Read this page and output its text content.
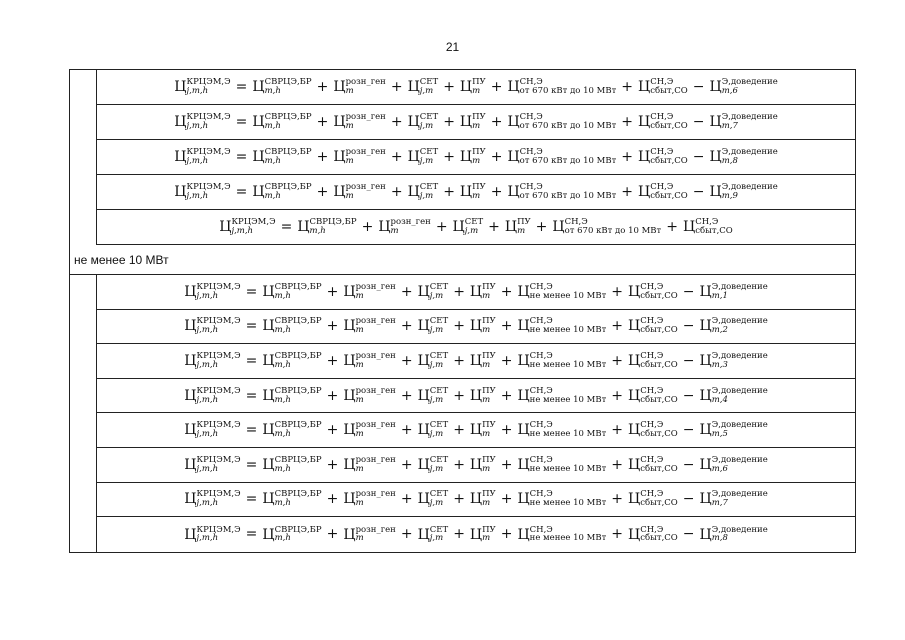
21
Ц КРЦЭМ,Э
j,m,h	= Ц СВРЦЭ,БР
m,h	+ Ц розн_ген
m	+ Ц СЕТ
j,m + Ц ПУ
m + Ц СН,Э
от 670 кВт до 10 МВт + Ц СН,Э
сбыт,СО − Ц Э,доведение
m,6
Ц КРЦЭМ,Э
j,m,h	= Ц СВРЦЭ,БР
m,h	+ Ц розн_ген
m	+ Ц СЕТ
j,m + Ц ПУ
m + Ц СН,Э
от 670 кВт до 10 МВт + Ц СН,Э
сбыт,СО − Ц Э,доведение
m,7
Ц КРЦЭМ,Э
j,m,h	= Ц СВРЦЭ,БР
m,h	+ Ц розн_ген
m	+ Ц СЕТ
j,m + Ц ПУ
m + Ц СН,Э
от 670 кВт до 10 МВт + Ц СН,Э
сбыт,СО − Ц Э,доведение
m,8
Ц КРЦЭМ,Э
j,m,h	= Ц СВРЦЭ,БР
m,h	+ Ц розн_ген
m	+ Ц СЕТ
j,m + Ц ПУ
m + Ц СН,Э
от 670 кВт до 10 МВт + Ц СН,Э
сбыт,СО − Ц Э,доведение
m,9
Ц КРЦЭМ,Э
j,m,h	= Ц СВРЦЭ,БР
m,h	+ Ц розн_ген
m	+ Ц СЕТ
j,m + Ц ПУ
m + Ц СН,Э
от 670 кВт до 10 МВт + Ц СН,Э
сбыт,СО
не менее 10 МВт
Ц КРЦЭМ,Э
j,m,h	= Ц СВРЦЭ,БР
m,h	+ Ц розн_ген
m	+ Ц СЕТ
j,m + Ц ПУ
m + Ц СН,Э
не менее 10 МВт + Ц СН,Э
сбыт,СО − Ц Э,доведение
m,1
Ц КРЦЭМ,Э
j,m,h	= Ц СВРЦЭ,БР
m,h	+ Ц розн_ген
m	+ Ц СЕТ
j,m + Ц ПУ
m + Ц СН,Э
не менее 10 МВт + Ц СН,Э
сбыт,СО − Ц Э,доведение
m,2
Ц КРЦЭМ,Э
j,m,h	= Ц СВРЦЭ,БР
m,h	+ Ц розн_ген
m	+ Ц СЕТ
j,m + Ц ПУ
m + Ц СН,Э
не менее 10 МВт + Ц СН,Э
сбыт,СО − Ц Э,доведение
m,3
Ц КРЦЭМ,Э
j,m,h	= Ц СВРЦЭ,БР
m,h	+ Ц розн_ген
m	+ Ц СЕТ
j,m + Ц ПУ
m + Ц СН,Э
не менее 10 МВт + Ц СН,Э
сбыт,СО − Ц Э,доведение
m,4
Ц КРЦЭМ,Э
j,m,h	= Ц СВРЦЭ,БР
m,h	+ Ц розн_ген
m	+ Ц СЕТ
j,m + Ц ПУ
m + Ц СН,Э
не менее 10 МВт + Ц СН,Э
сбыт,СО − Ц Э,доведение
m,5
Ц КРЦЭМ,Э
j,m,h	= Ц СВРЦЭ,БР
m,h	+ Ц розн_ген
m	+ Ц СЕТ
j,m + Ц ПУ
m + Ц СН,Э
не менее 10 МВт + Ц СН,Э
сбыт,СО − Ц Э,доведение
m,6
Ц КРЦЭМ,Э
j,m,h	= Ц СВРЦЭ,БР
m,h	+ Ц розн_ген
m	+ Ц СЕТ
j,m + Ц ПУ
m + Ц СН,Э
не менее 10 МВт + Ц СН,Э
сбыт,СО − Ц Э,доведение
m,7
Ц КРЦЭМ,Э
j,m,h	= Ц СВРЦЭ,БР
m,h	+ Ц розн_ген
m	+ Ц СЕТ
j,m + Ц ПУ
m + Ц СН,Э
не менее 10 МВт + Ц СН,Э
сбыт,СО − Ц Э,доведение
m,8
